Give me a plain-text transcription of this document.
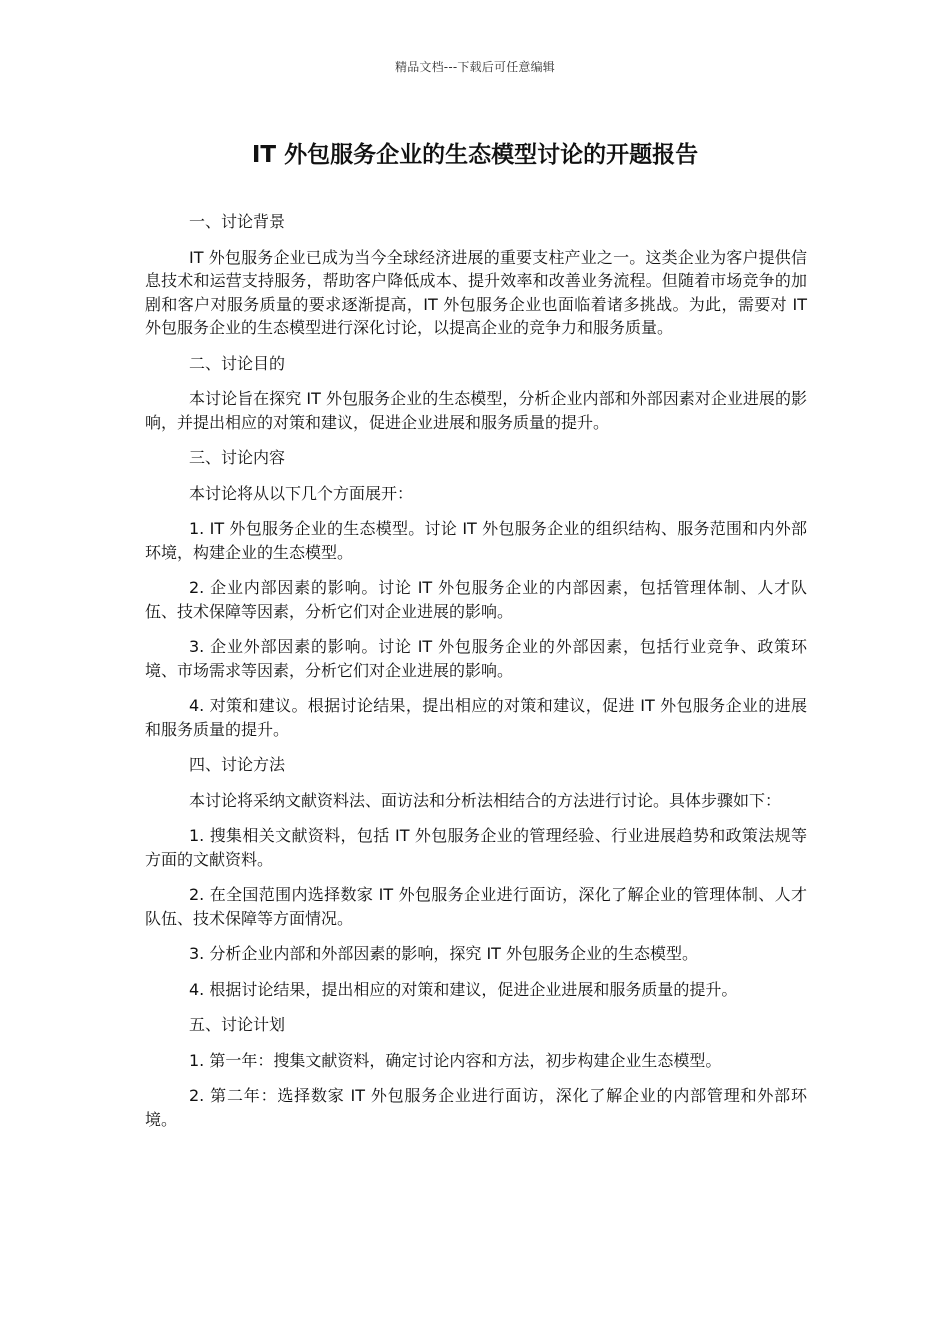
精品文档---下载后可任意编辑
IT 外包服务企业的生态模型讨论的开题报告

一、讨论背景

IT 外包服务企业已成为当今全球经济进展的重要支柱产业之一。这类企业为客户提供信息技术和运营支持服务，帮助客户降低成本、提升效率和改善业务流程。但随着市场竞争的加剧和客户对服务质量的要求逐渐提高，IT 外包服务企业也面临着诸多挑战。为此，需要对 IT 外包服务企业的生态模型进行深化讨论，以提高企业的竞争力和服务质量。

二、讨论目的

本讨论旨在探究 IT 外包服务企业的生态模型，分析企业内部和外部因素对企业进展的影响，并提出相应的对策和建议，促进企业进展和服务质量的提升。

三、讨论内容

本讨论将从以下几个方面展开：

1. IT 外包服务企业的生态模型。讨论 IT 外包服务企业的组织结构、服务范围和内外部环境，构建企业的生态模型。

2. 企业内部因素的影响。讨论 IT 外包服务企业的内部因素，包括管理体制、人才队伍、技术保障等因素，分析它们对企业进展的影响。

3. 企业外部因素的影响。讨论 IT 外包服务企业的外部因素，包括行业竞争、政策环境、市场需求等因素，分析它们对企业进展的影响。

4. 对策和建议。根据讨论结果，提出相应的对策和建议，促进 IT 外包服务企业的进展和服务质量的提升。

四、讨论方法

本讨论将采纳文献资料法、面访法和分析法相结合的方法进行讨论。具体步骤如下：

1. 搜集相关文献资料，包括 IT 外包服务企业的管理经验、行业进展趋势和政策法规等方面的文献资料。

2. 在全国范围内选择数家 IT 外包服务企业进行面访，深化了解企业的管理体制、人才队伍、技术保障等方面情况。

3. 分析企业内部和外部因素的影响，探究 IT 外包服务企业的生态模型。

4. 根据讨论结果，提出相应的对策和建议，促进企业进展和服务质量的提升。

五、讨论计划

1. 第一年：搜集文献资料，确定讨论内容和方法，初步构建企业生态模型。

2. 第二年：选择数家 IT 外包服务企业进行面访，深化了解企业的内部管理和外部环境。
